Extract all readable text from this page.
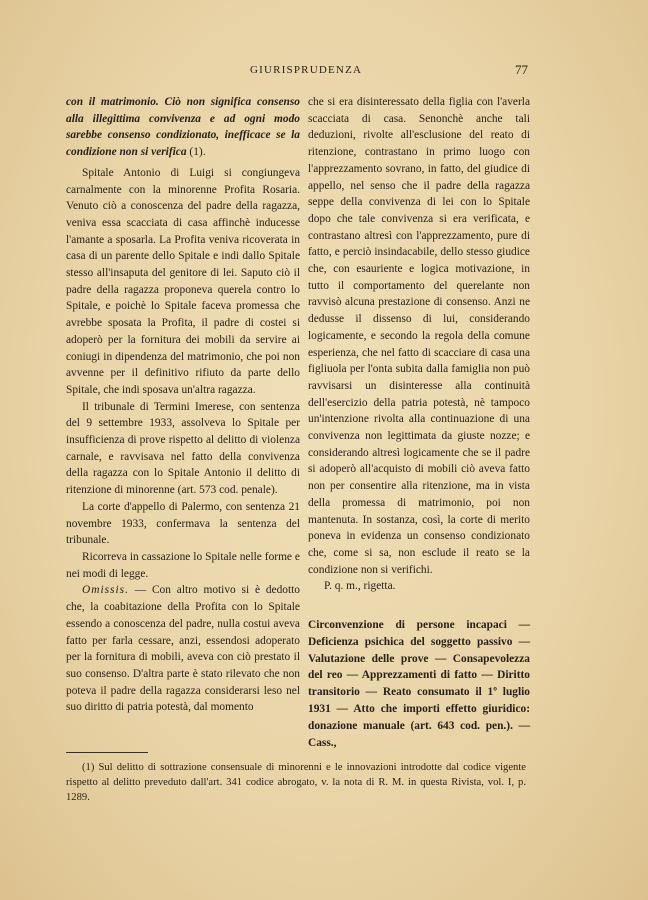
GIURISPRUDENZA	77

con il matrimonio. Ciò non significa consenso alla illegittima convivenza e ad ogni modo sarebbe consenso condizionato, inefficace se la condizione non si verifica (1).

Spitale Antonio di Luigi si congiungeva carnalmente con la minorenne Profita Rosaria. Venuto ciò a conoscenza del padre della ragazza, veniva essa scacciata di casa affinchè inducesse l'amante a sposarla. La Profita veniva ricoverata in casa di un parente dello Spitale e indi dallo Spitale stesso all'insaputa del genitore di lei. Saputo ciò il padre della ragazza proponeva querela contro lo Spitale, e poichè lo Spitale faceva promessa che avrebbe sposata la Profita, il padre di costei si adoperò per la fornitura dei mobili da servire ai coniugi in dipendenza del matrimonio, che poi non avvenne per il definitivo rifiuto da parte dello Spitale, che indi sposava un'altra ragazza.

Il tribunale di Termini Imerese, con sentenza del 9 settembre 1933, assolveva lo Spitale per insufficienza di prove rispetto al delitto di violenza carnale, e ravvisava nel fatto della convivenza della ragazza con lo Spitale Antonio il delitto di ritenzione di minorenne (art. 573 cod. penale).

La corte d'appello di Palermo, con sentenza 21 novembre 1933, confermava la sentenza del tribunale.

Ricorreva in cassazione lo Spitale nelle forme e nei modi di legge.

Omissis. — Con altro motivo si è dedotto che, la coabitazione della Profita con lo Spitale essendo a conoscenza del padre, nulla costui aveva fatto per farla cessare, anzi, essendosi adoperato per la fornitura di mobili, aveva con ciò prestato il suo consenso. D'altra parte è stato rilevato che non poteva il padre della ragazza considerarsi leso nel suo diritto di patria potestà, dal momento

che si era disinteressato della figlia con l'averla scacciata di casa. Senonchè anche tali deduzioni, rivolte all'esclusione del reato di ritenzione, contrastano in primo luogo con l'apprezzamento sovrano, in fatto, del giudice di appello, nel senso che il padre della ragazza seppe della convivenza di lei con lo Spitale dopo che tale convivenza si era verificata, e contrastano altresì con l'apprezzamento, pure di fatto, e perciò insindacabile, dello stesso giudice che, con esauriente e logica motivazione, in tutto il comportamento del querelante non ravvisò alcuna prestazione di consenso. Anzi ne dedusse il dissenso di lui, considerando logicamente, e secondo la regola della comune esperienza, che nel fatto di scacciare di casa una figliuola per l'onta subita dalla famiglia non può ravvisarsi un disinteresse alla continuità dell'esercizio della patria potestà, nè tampoco un'intenzione rivolta alla continuazione di una convivenza non legittimata da giuste nozze; e considerando altresì logicamente che se il padre si adoperò all'acquisto di mobili ciò aveva fatto non per consentire alla ritenzione, ma in vista della promessa di matrimonio, poi non mantenuta. In sostanza, così, la corte di merito poneva in evidenza un consenso condizionato che, come si sa, non esclude il reato se la condizione non si verifichi.

P. q. m., rigetta.

Circonvenzione di persone incapaci — Deficienza psichica del soggetto passivo — Valutazione delle prove — Consapevolezza del reo — Apprezzamenti di fatto — Diritto transitorio — Reato consumato il 1º luglio 1931 — Atto che importi effetto giuridico: donazione manuale (art. 643 cod. pen.). — Cass.,

(1) Sul delitto di sottrazione consensuale di minorenni e le innovazioni introdotte dal codice vigente rispetto al delitto preveduto dall'art. 341 codice abrogato, v. la nota di R. M. in questa Rivista, vol. I, p. 1289.
